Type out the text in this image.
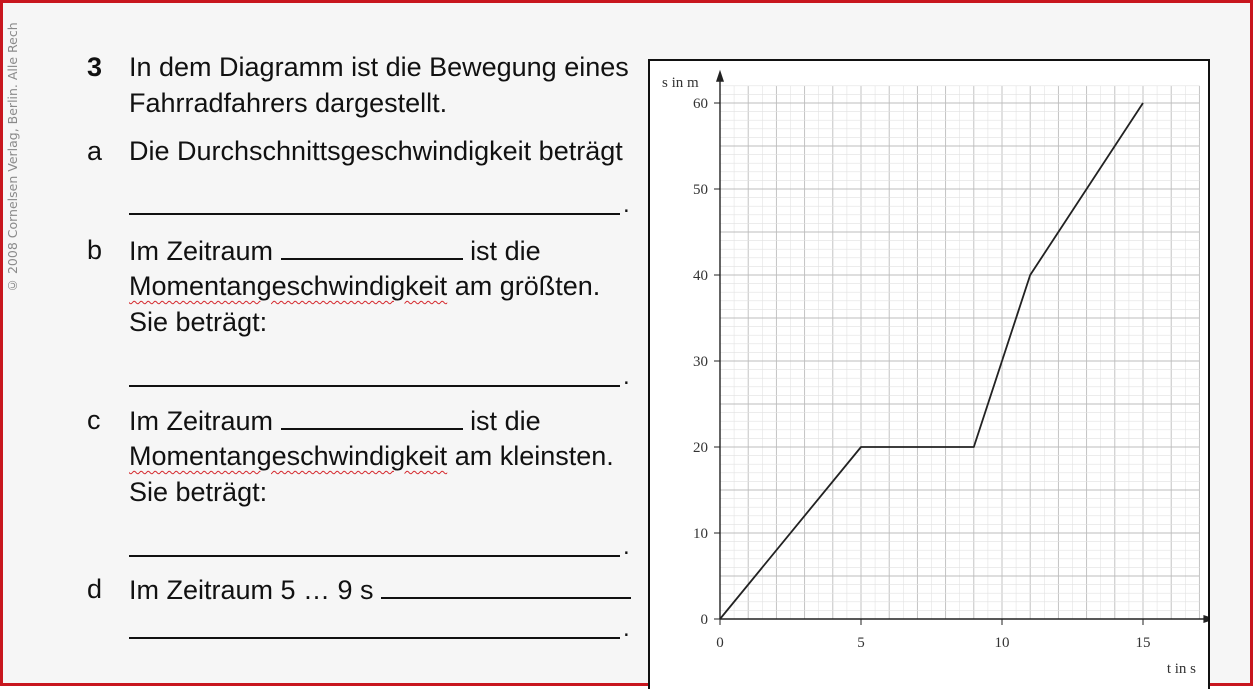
© 2008 Cornelsen Verlag, Berlin. Alle Rech 3 In dem Diagramm ist die Bewegung eines
Fahrradfahrers dargestellt.
a Die Durchschnittsgeschwindigkeit beträgt
.
b Im Zeitraum	ist die
Momentangeschwindigkeit am größten.
Sie beträgt:
.
c	Im Zeitraum	ist die
Momentangeschwindigkeit am kleinsten.
Sie beträgt:
.
d Im Zeitraum 5 … 9 s
.
0	5	10	15
0
10
20
30
40
50
60
s in m
t in s
